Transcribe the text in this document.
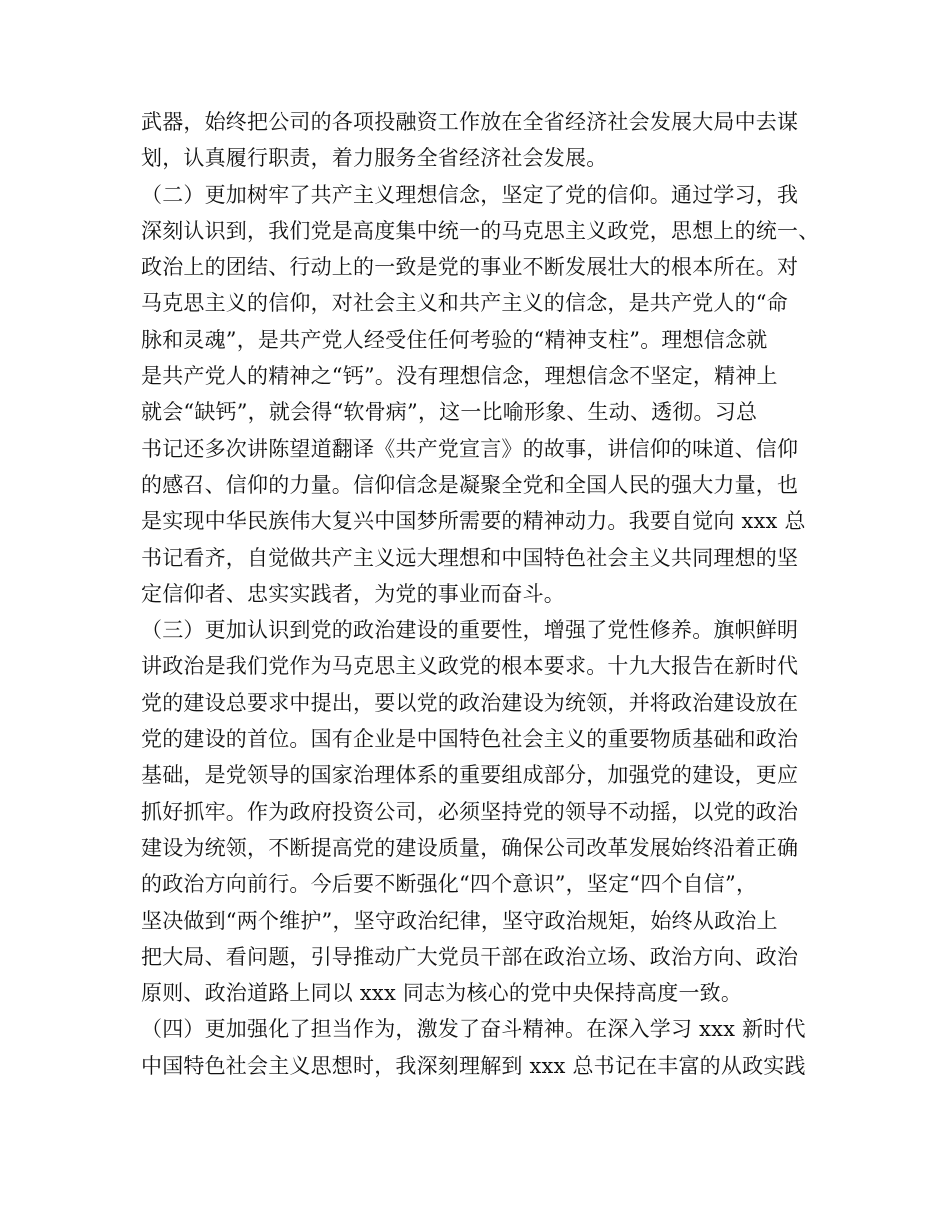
武器，始终把公司的各项投融资工作放在全省经济社会发展大局中去谋
划，认真履行职责，着力服务全省经济社会发展。
（二）更加树牢了共产主义理想信念，坚定了党的信仰。通过学习，我
深刻认识到，我们党是高度集中统一的马克思主义政党，思想上的统一、
政治上的团结、行动上的一致是党的事业不断发展壮大的根本所在。对
马克思主义的信仰，对社会主义和共产主义的信念，是共产党人的“命
脉和灵魂”，是共产党人经受住任何考验的“精神支柱”。理想信念就
是共产党人的精神之“钙”。没有理想信念，理想信念不坚定，精神上
就会“缺钙”，就会得“软骨病”，这一比喻形象、生动、透彻。习总
书记还多次讲陈望道翻译《共产党宣言》的故事，讲信仰的味道、信仰
的感召、信仰的力量。信仰信念是凝聚全党和全国人民的强大力量，也
是实现中华民族伟大复兴中国梦所需要的精神动力。我要自觉向 xxx 总
书记看齐，自觉做共产主义远大理想和中国特色社会主义共同理想的坚
定信仰者、忠实实践者，为党的事业而奋斗。
（三）更加认识到党的政治建设的重要性，增强了党性修养。旗帜鲜明
讲政治是我们党作为马克思主义政党的根本要求。十九大报告在新时代
党的建设总要求中提出，要以党的政治建设为统领，并将政治建设放在
党的建设的首位。国有企业是中国特色社会主义的重要物质基础和政治
基础，是党领导的国家治理体系的重要组成部分，加强党的建设，更应
抓好抓牢。作为政府投资公司，必须坚持党的领导不动摇，以党的政治
建设为统领，不断提高党的建设质量，确保公司改革发展始终沿着正确
的政治方向前行。今后要不断强化“四个意识”，坚定“四个自信”，
坚决做到“两个维护”，坚守政治纪律，坚守政治规矩，始终从政治上
把大局、看问题，引导推动广大党员干部在政治立场、政治方向、政治
原则、政治道路上同以 xxx 同志为核心的党中央保持高度一致。
（四）更加强化了担当作为，激发了奋斗精神。在深入学习 xxx 新时代
中国特色社会主义思想时，我深刻理解到 xxx 总书记在丰富的从政实践
